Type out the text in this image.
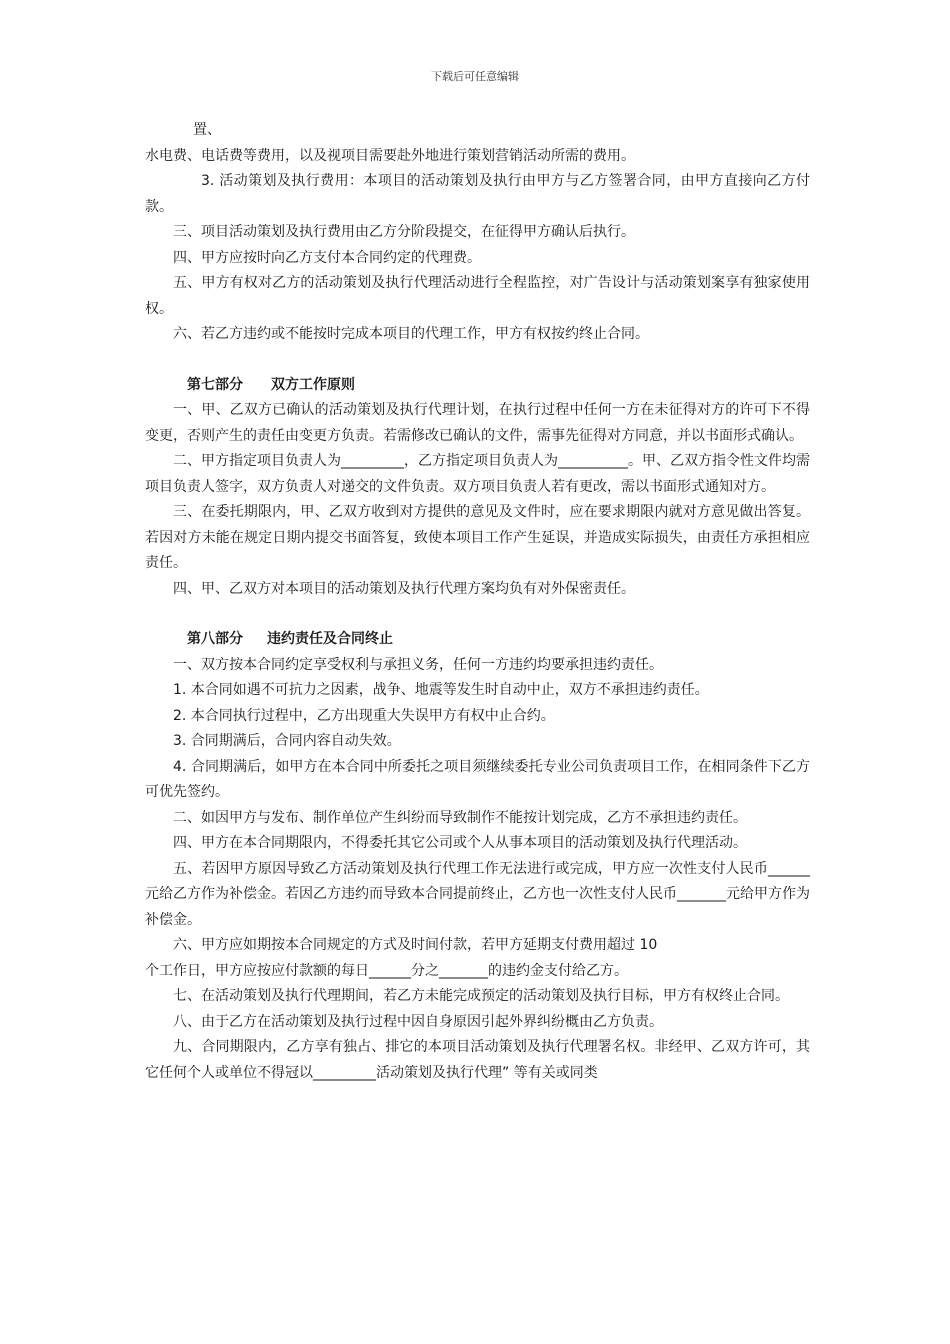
下载后可任意编辑

置、

水电费、电话费等费用，以及视项目需要赴外地进行策划营销活动所需的费用。

3. 活动策划及执行费用：本项目的活动策划及执行由甲方与乙方签署合同，由甲方直接向乙方付款。

三、项目活动策划及执行费用由乙方分阶段提交，在征得甲方确认后执行。

四、甲方应按时向乙方支付本合同约定的代理费。

五、甲方有权对乙方的活动策划及执行代理活动进行全程监控，对广告设计与活动策划案享有独家使用权。

六、若乙方违约或不能按时完成本项目的代理工作，甲方有权按约终止合同。

第七部分 双方工作原则

一、甲、乙双方已确认的活动策划及执行代理计划，在执行过程中任何一方在未征得对方的许可下不得变更，否则产生的责任由变更方负责。若需修改已确认的文件，需事先征得对方同意，并以书面形式确认。

二、甲方指定项目负责人为_________，乙方指定项目负责人为__________。甲、乙双方指令性文件均需项目负责人签字，双方负责人对递交的文件负责。双方项目负责人若有更改，需以书面形式通知对方。

三、在委托期限内，甲、乙双方收到对方提供的意见及文件时，应在要求期限内就对方意见做出答复。若因对方未能在规定日期内提交书面答复，致使本项目工作产生延误，并造成实际损失，由责任方承担相应责任。

四、甲、乙双方对本项目的活动策划及执行代理方案均负有对外保密责任。

第八部分 违约责任及合同终止

一、双方按本合同约定享受权利与承担义务，任何一方违约均要承担违约责任。

1. 本合同如遇不可抗力之因素，战争、地震等发生时自动中止，双方不承担违约责任。

2. 本合同执行过程中，乙方出现重大失误甲方有权中止合约。

3. 合同期满后，合同内容自动失效。

4. 合同期满后，如甲方在本合同中所委托之项目须继续委托专业公司负责项目工作，在相同条件下乙方可优先签约。

二、如因甲方与发布、制作单位产生纠纷而导致制作不能按计划完成，乙方不承担违约责任。

四、甲方在本合同期限内，不得委托其它公司或个人从事本项目的活动策划及执行代理活动。

五、若因甲方原因导致乙方活动策划及执行代理工作无法进行或完成，甲方应一次性支付人民币______元给乙方作为补偿金。若因乙方违约而导致本合同提前终止，乙方也一次性支付人民币_______元给甲方作为补偿金。

六、甲方应如期按本合同规定的方式及时间付款，若甲方延期支付费用超过 10

个工作日，甲方应按应付款额的每日______分之_______的违约金支付给乙方。

七、在活动策划及执行代理期间，若乙方未能完成预定的活动策划及执行目标，甲方有权终止合同。

八、由于乙方在活动策划及执行过程中因自身原因引起外界纠纷概由乙方负责。

九、合同期限内，乙方享有独占、排它的本项目活动策划及执行代理署名权。非经甲、乙双方许可，其它任何个人或单位不得冠以_________活动策划及执行代理” 等有关或同类
